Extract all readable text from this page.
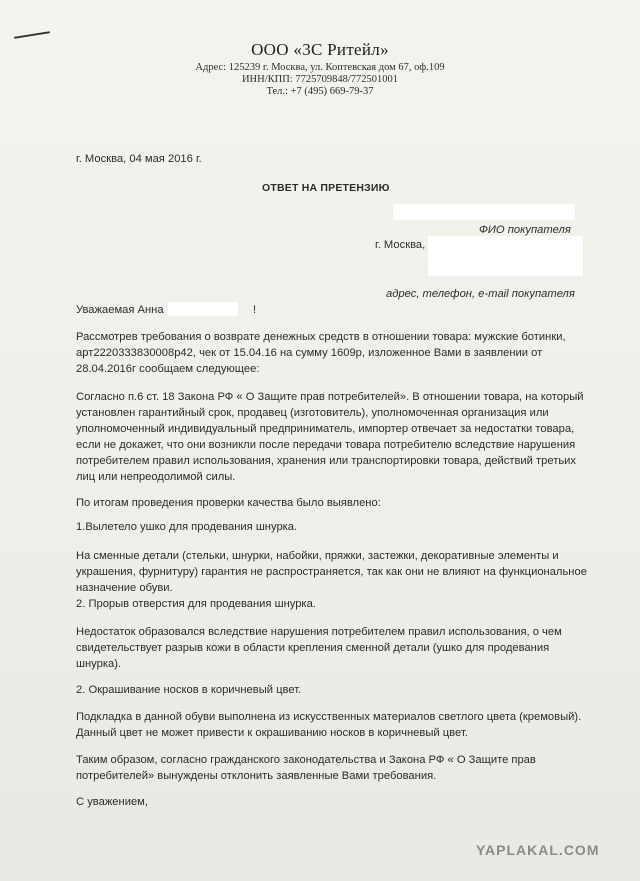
ООО «3С Ритейл»
Адрес: 125239 г. Москва, ул. Коптевская дом 67, оф.109
ИНН/КПП: 7725709848/772501001
Тел.: +7 (495) 669-79-37
г. Москва, 04 мая 2016 г.
ОТВЕТ НА ПРЕТЕНЗИЮ
ФИО покупателя
г. Москва,
адрес, телефон, e-mail покупателя
Уважаемая Анна	!
Рассмотрев требования о возврате денежных средств в отношении товара: мужские ботинки,
арт2220333830008р42, чек от 15.04.16 на сумму 1609р, изложенное Вами в заявлении от
28.04.2016г сообщаем следующее:
Согласно п.6 ст. 18 Закона РФ « О Защите прав потребителей». В отношении товара, на который
установлен гарантийный срок, продавец (изготовитель), уполномоченная организация или
уполномоченный индивидуальный предприниматель, импортер отвечает за недостатки товара,
если не докажет, что они возникли после передачи товара потребителю вследствие нарушения
потребителем правил использования, хранения или транспортировки товара, действий третьих
лиц или непреодолимой силы.
По итогам проведения проверки качества было выявлено:
1.Вылетело ушко для продевания шнурка.
На сменные детали (стельки, шнурки, набойки, пряжки, застежки, декоративные элементы и
украшения, фурнитуру) гарантия не распространяется, так как они не влияют на функциональное
назначение обуви.
2. Прорыв отверстия для продевания шнурка.
Недостаток образовался вследствие нарушения потребителем правил использования, о чем
свидетельствует разрыв кожи в области крепления сменной детали (ушко для продевания
шнурка).
2. Окрашивание носков в коричневый цвет.
Подкладка в данной обуви выполнена из искусственных материалов светлого цвета (кремовый).
Данный цвет не может привести к окрашиванию носков в коричневый цвет.
Таким образом, согласно гражданского законодательства и Закона РФ « О Защите прав
потребителей» вынуждены отклонить заявленные Вами требования.
С уважением,
YAPLAKAL.COM
